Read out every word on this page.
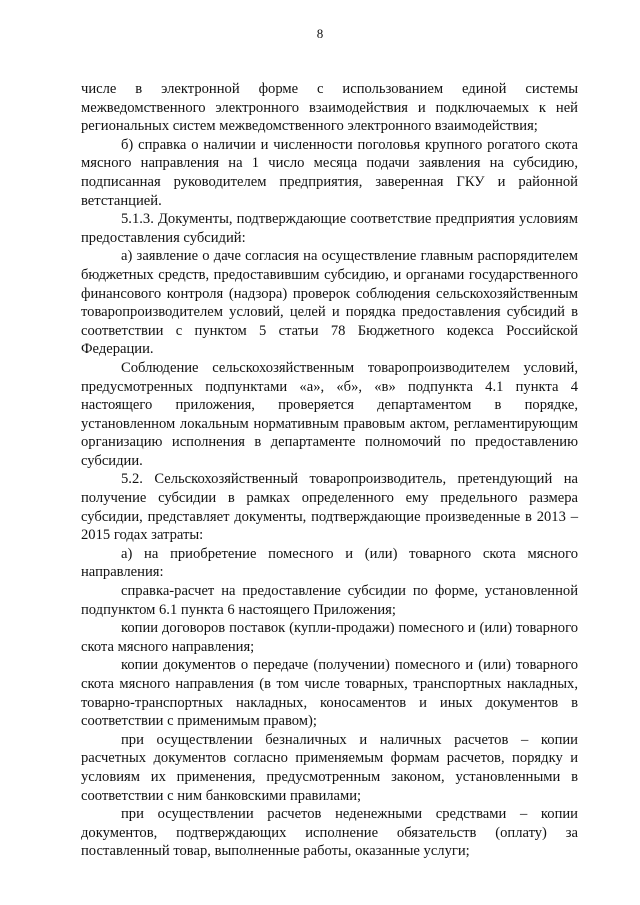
8

числе в электронной форме с использованием единой системы межведомственного электронного взаимодействия и подключаемых к ней региональных систем межведомственного электронного взаимодействия;

б) справка о наличии и численности поголовья крупного рогатого скота мясного направления на 1 число месяца подачи заявления на субсидию, подписанная руководителем предприятия, заверенная ГКУ и районной ветстанцией.

5.1.3. Документы, подтверждающие соответствие предприятия условиям предоставления субсидий:

а) заявление о даче согласия на осуществление главным распорядителем бюджетных средств, предоставившим субсидию, и органами государственного финансового контроля (надзора) проверок соблюдения сельскохозяйственным товаропроизводителем условий, целей и порядка предоставления субсидий в соответствии с пунктом 5 статьи 78 Бюджетного кодекса Российской Федерации.

Соблюдение сельскохозяйственным товаропроизводителем условий, предусмотренных подпунктами «а», «б», «в» подпункта 4.1 пункта 4 настоящего приложения, проверяется департаментом в порядке, установленном локальным нормативным правовым актом, регламентирующим организацию исполнения в департаменте полномочий по предоставлению субсидии.

5.2. Сельскохозяйственный товаропроизводитель, претендующий на получение субсидии в рамках определенного ему предельного размера субсидии, представляет документы, подтверждающие произведенные в 2013 – 2015 годах затраты:

а) на приобретение помесного и (или) товарного скота мясного направления:

справка-расчет на предоставление субсидии по форме, установленной подпунктом 6.1 пункта 6 настоящего Приложения;

копии договоров поставок (купли-продажи) помесного и (или) товарного скота мясного направления;

копии документов о передаче (получении) помесного и (или) товарного скота мясного направления (в том числе товарных, транспортных накладных, товарно-транспортных накладных, коносаментов и иных документов в соответствии с применимым правом);

при осуществлении безналичных и наличных расчетов – копии расчетных документов согласно применяемым формам расчетов, порядку и условиям их применения, предусмотренным законом, установленными в соответствии с ним банковскими правилами;

при осуществлении расчетов неденежными средствами – копии документов, подтверждающих исполнение обязательств (оплату) за поставленный товар, выполненные работы, оказанные услуги;
